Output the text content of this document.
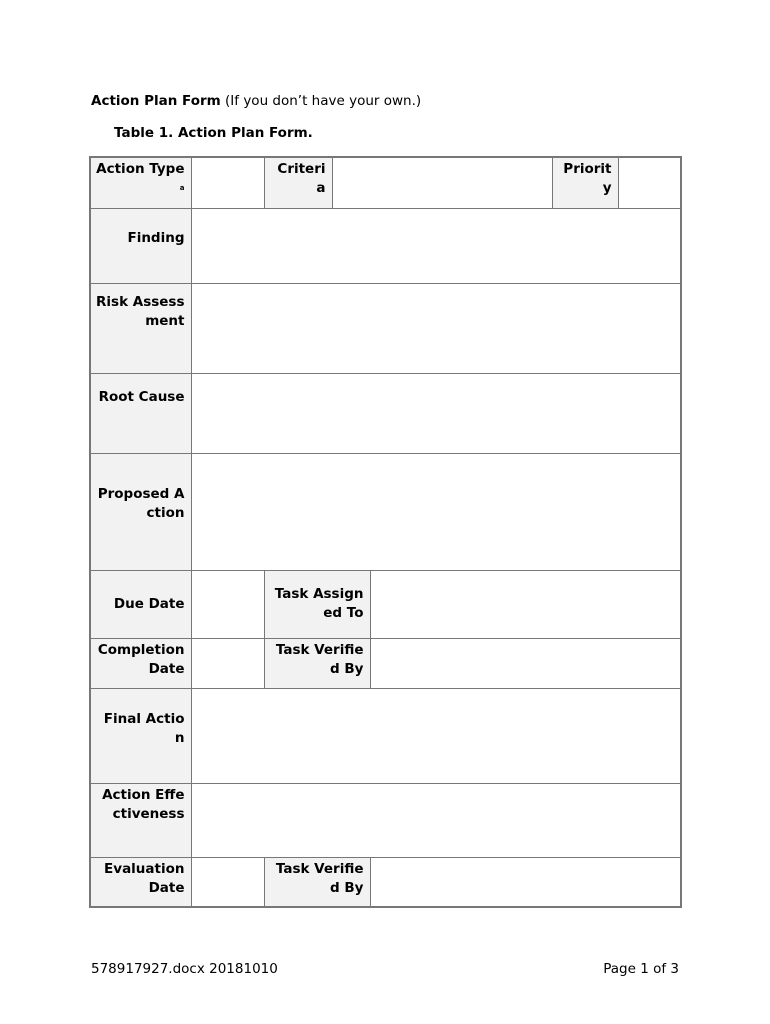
Action Plan Form (If you don’t have your own.)
Table 1. Action Plan Form.
Action Type$^a$		Criteria			Priority	
Finding						
Risk Assessment						
Root Cause						
Proposed Action						
Due Date		Task Assigned To				
Completion Date		Task Verified By				
Final Action						
Action Effectiveness						
Evaluation Date		Task Verified By				
578917927.docx 20181010	Page 1 of 3
